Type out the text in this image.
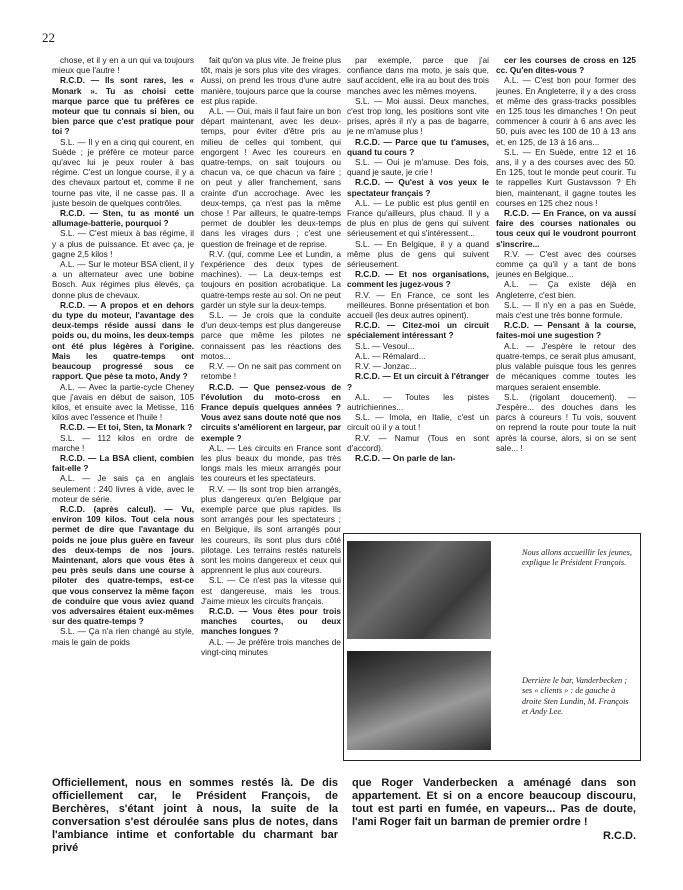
22

chose, et il y en a un qui va toujours mieux que l'autre !

R.C.D. — Ils sont rares, les « Monark ». Tu as choisi cette marque parce que tu préfères ce moteur que tu connais si bien, ou bien parce que c'est pratique pour toi ?

S.L. — Il y en a cinq qui courent, en Suède ; je préfère ce moteur parce qu'avec lui je peux rouler à bas régime. C'est un longue course, il y a des chevaux partout et, comme il ne tourne pas vite, il ne casse pas. Il a juste besoin de quelques contrôles.

R.C.D. — Sten, tu as monté un allumage-batterie, pourquoi ?

S.L. — C'est mieux à bas régime, il y a plus de puissance. Et avec ça, je gagne 2,5 kilos !

A.L. — Sur le moteur BSA client, il y a un alternateur avec une bobine Bosch. Aux régimes plus élevés, ça donne plus de chevaux.

R.C.D. — A propos et en dehors du type du moteur, l'avantage des deux-temps réside aussi dans le poids ou, du moins, les deux-temps ont été plus légères à l'origine. Mais les quatre-temps ont beaucoup progressé sous ce rapport. Que pèse ta moto, Andy ?

A.L. — Avec la partie-cycle Cheney que j'avais en début de saison, 105 kilos, et ensuite avec la Metisse, 116 kilos avec l'essence et l'huile !

R.C.D. — Et toi, Sten, ta Monark ?

S.L. — 112 kilos en ordre de marche !

R.C.D. — La BSA client, combien fait-elle ?

A.L. — Je sais ça en anglais seulement : 240 livres à vide, avec le moteur de série.

R.C.D. (après calcul). — Vu, environ 109 kilos. Tout cela nous permet de dire que l'avantage du poids ne joue plus guère en faveur des deux-temps de nos jours. Maintenant, alors que vous êtes à peu près seuls dans une course à piloter des quatre-temps, est-ce que vous conservez la même façon de conduire que vous aviez quand vos adversaires étaient eux-mêmes sur des quatre-temps ?

S.L. — Ça n'a rien changé au style, mais le gain de poids

fait qu'on va plus vite. Je freine plus tôt, mais je sors plus vite des virages. Aussi, on prend les trous d'une autre manière, toujours parce que la course est plus rapide.

A.L. — Oui, mais il faut faire un bon départ maintenant, avec les deux-temps, pour éviter d'être pris au milieu de celles qui tombent, qui engorgent ! Avec les coureurs en quatre-temps, on sait toujours ou chacun va, ce que chacun va faire ; on peut y aller franchement, sans crainte d'un accrochage. Avec les deux-temps, ça n'est pas la même chose ! Par ailleurs, le quatre-temps permet de doubler les deux-temps dans les virages durs ; c'est une question de freinage et de reprise.

R.V. (qui, comme Lee et Lundin, a l'expérience des deux types de machines). — La deux-temps est toujours en position acrobatique. La quatre-temps reste au sol. On ne peut garder un style sur la deux-temps.

S.L. — Je crois que la conduite d'un deux-temps est plus dangereuse parce que même les pilotes ne connaissent pas les réactions des motos...

R.V. — On ne sait pas comment on retombe !

R.C.D. — Que pensez-vous de l'évolution du moto-cross en France depuis quelques années ? Vous avez sans doute noté que nos circuits s'améliorent en largeur, par exemple ?

A.L. — Les circuits en France sont les plus beaux du monde, pas très longs mais les mieux arrangés pour les coureurs et les spectateurs.

R.V. — Ils sont trop bien arrangés, plus dangereux qu'en Belgique par exemple parce que plus rapides. Ils sont arrangés pour les spectateurs ; en Belgique, ils sont arrangés pour les coureurs, ils sont plus durs côté pilotage. Les terrains restés naturels sont les moins dangereux et ceux qui apprennent le plus aux coureurs.

S.L. — Ce n'est pas la vitesse qui est dangereuse, mais les trous. J'aime mieux les circuits français.

R.C.D. — Vous êtes pour trois manches courtes, ou deux manches longues ?

A.L. — Je préfère trois manches de vingt-cinq minutes

par exemple, parce que j'ai confiance dans ma moto, je sais que, sauf accident, elle ira au bout des trois manches avec les mêmes moyens.

S.L. — Moi aussi. Deux manches, c'est trop long, les positions sont vite prises, après il n'y a pas de bagarre, je ne m'amuse plus !

R.C.D. — Parce que tu t'amuses, quand tu cours ?

S.L. — Oui je m'amuse. Des fois, quand je saute, je crie !

R.C.D. — Qu'est à vos yeux le spectateur français ?

A.L. — Le public est plus gentil en France qu'ailleurs, plus chaud. Il y a de plus en plus de gens qui suivent sérieusement et qui s'intéressent...

S.L. — En Belgique, il y a quand même plus de gens qui suivent sérieusement.

R.C.D. — Et nos organisations, comment les jugez-vous ?

R.V. — En France, ce sont les meilleures. Bonne présentation et bon accueil (les deux autres opinent).

R.C.D. — Citez-moi un circuit spécialement intéressant ?

S.L. — Vesoul...

A.L. — Rémalard...

R.V. — Jonzac...

R.C.D. — Et un circuit à l'étranger ?

A.L. — Toutes les pistes autrichiennes...

S.L. — Imola, en Italie, c'est un circuit où il y a tout !

R.V. — Namur (Tous en sont d'accord).

R.C.D. — On parle de lan-

cer les courses de cross en 125 cc. Qu'en dites-vous ?

A.L. — C'est bon pour former des jeunes. En Angleterre, il y a des cross et même des grass-tracks possibles en 125 tous les dimanches ! On peut commencer à courir à 6 ans avec les 50, puis avec les 100 de 10 à 13 ans et, en 125, de 13 à 16 ans...

S.L. — En Suède, entre 12 et 16 ans, il y a des courses avec des 50. En 125, tout le monde peut courir. Tu te rappelles Kurt Gustavsson ? Eh bien, maintenant, il gagne toutes les courses en 125 chez nous !

R.C.D. — En France, on va aussi faire des courses nationales ou tous ceux qui le voudront pourront s'inscrire...

R.V. — C'est avec des courses comme ça qu'il y a tant de bons jeunes en Belgique...

A.L. — Ça existe déjà en Angleterre, c'est bien.

S.L. — Il n'y en a pas en Suède, mais c'est une très bonne formule.

R.C.D. — Pensant à la course, faites-moi une sugestion ?

A.L. — J'espère le retour des quatre-temps, ce serait plus amusant, plus valable puisque tous les genres de mécaniques comme toutes les marques seraient ensemble.

S.L. (rigolant doucement). — J'espère... des douches dans les parcs à coureurs ! Tu vois, souvent on reprend la route pour toute la nuit après la course, alors, si on se sent sale... !

Nous allons accueillir les jeunes, explique le Président François.
Derrière le bar, Vanderbecken ; ses « clients » : de gauche à droite Sten Lundin, M. François et Andy Lee.
Officiellement, nous en sommes restés là. De dis officiellement car, le Président François, de Berchères, s'étant joint à nous, la suite de la conversation s'est déroulée sans plus de notes, dans l'ambiance intime et confortable du charmant bar privé
que Roger Vanderbecken a aménagé dans son appartement. Et si on a encore beaucoup discouru, tout est parti en fumée, en vapeurs... Pas de doute, l'ami Roger fait un barman de premier ordre !
R.C.D.
